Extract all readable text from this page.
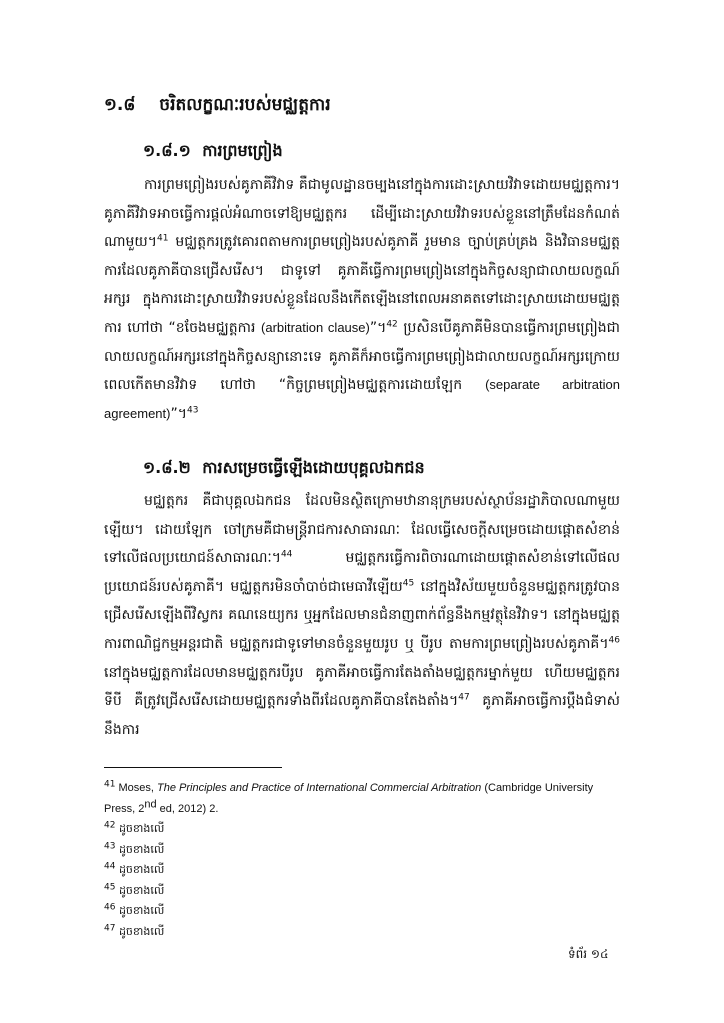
១.៨ ចរិតលក្ខណៈរបស់មជ្ឈត្តការ
១.៨.១ ការព្រមព្រៀង

ការព្រមព្រៀងរបស់គូភាគីវិវាទ គឺជាមូលដ្ឋានចម្បងនៅក្នុងការដោះស្រាយវិវាទដោយមជ្ឈត្តការ។ គូភាគីវិវាទអាចធ្វើការផ្តល់អំណាចទៅឱ្យមជ្ឈត្តករ ដើម្បីដោះស្រាយវិវាទរបស់ខ្លួននៅត្រឹមដែនកំណត់ណាមួយ។$^{41}$ មជ្ឈត្តករត្រូវគោរពតាមការព្រមព្រៀងរបស់គូភាគី រួមមាន ច្បាប់គ្រប់គ្រង និងវិធានមជ្ឈត្តការដែលគូភាគីបានជ្រើសរើស។ ជាទូទៅ គូភាគីធ្វើការព្រមព្រៀងនៅក្នុងកិច្ចសន្យាជាលាយលក្ខណ៍អក្សរ ក្នុងការដោះស្រាយវិវាទរបស់ខ្លួនដែលនឹងកើតឡើងនៅពេលអនាគតទៅដោះស្រាយដោយមជ្ឈត្តការ ហៅថា “ខចែងមជ្ឈត្តការ (arbitration clause)”។$^{42}$ ប្រសិនបើគូភាគីមិនបានធ្វើការព្រមព្រៀងជាលាយលក្ខណ៍អក្សរនៅក្នុងកិច្ចសន្យានោះទេ គូភាគីក៏អាចធ្វើការព្រមព្រៀងជាលាយលក្ខណ៍អក្សរក្រោយពេលកើតមានវិវាទ ហៅថា “កិច្ចព្រមព្រៀងមជ្ឈត្តការដោយឡែក (separate arbitration agreement)”។$^{43}$

១.៨.២ ការសម្រេចធ្វើឡើងដោយបុគ្គលឯកជន

មជ្ឈត្តករ គឺជាបុគ្គលឯកជន ដែលមិនស្ថិតក្រោមឋានានុក្រមរបស់ស្ថាប័នរដ្ឋាភិបាលណាមួយឡើយ។ ដោយឡែក ចៅក្រមគឺជាមន្ត្រីរាជការសាធារណៈ ដែលធ្វើសេចក្តីសម្រេចដោយផ្តោតសំខាន់ទៅលើផលប្រយោជន៍សាធារណៈ។$^{44}$ មជ្ឈត្តករធ្វើការពិចារណាដោយផ្តោតសំខាន់ទៅលើផលប្រយោជន៍របស់គូភាគី។ មជ្ឈត្តករមិនចាំបាច់ជាមេធាវីឡើយ$^{45}$ នៅក្នុងវិស័យមួយចំនួនមជ្ឈត្តករត្រូវបានជ្រើសរើសឡើងពីវិស្វករ គណនេយ្យករ ឬអ្នកដែលមានជំនាញពាក់ព័ន្ធនឹងកម្មវត្ថុនៃវិវាទ។ នៅក្នុងមជ្ឈត្តការពាណិជ្ជកម្មអន្តរជាតិ មជ្ឈត្តករជាទូទៅមានចំនួនមួយរូប ឬ បីរូប តាមការព្រមព្រៀងរបស់គូភាគី។$^{46}$ នៅក្នុងមជ្ឈត្តការដែលមានមជ្ឈត្តករបីរូប គូភាគីអាចធ្វើការតែងតាំងមជ្ឈត្តករម្នាក់មួយ ហើយមជ្ឈត្តករទីបី គឺត្រូវជ្រើសរើសដោយមជ្ឈត្តករទាំងពីរដែលគូភាគីបានតែងតាំង។$^{47}$ គូភាគីអាចធ្វើការប្តឹងជំទាស់នឹងការ

$^{41}$ Moses, The Principles and Practice of International Commercial Arbitration (Cambridge University Press, 2nd ed, 2012) 2.
$^{42}$ ដូចខាងលើ
$^{43}$ ដូចខាងលើ
$^{44}$ ដូចខាងលើ
$^{45}$ ដូចខាងលើ
$^{46}$ ដូចខាងលើ
$^{47}$ ដូចខាងលើ
ទំព័រ ១៤
